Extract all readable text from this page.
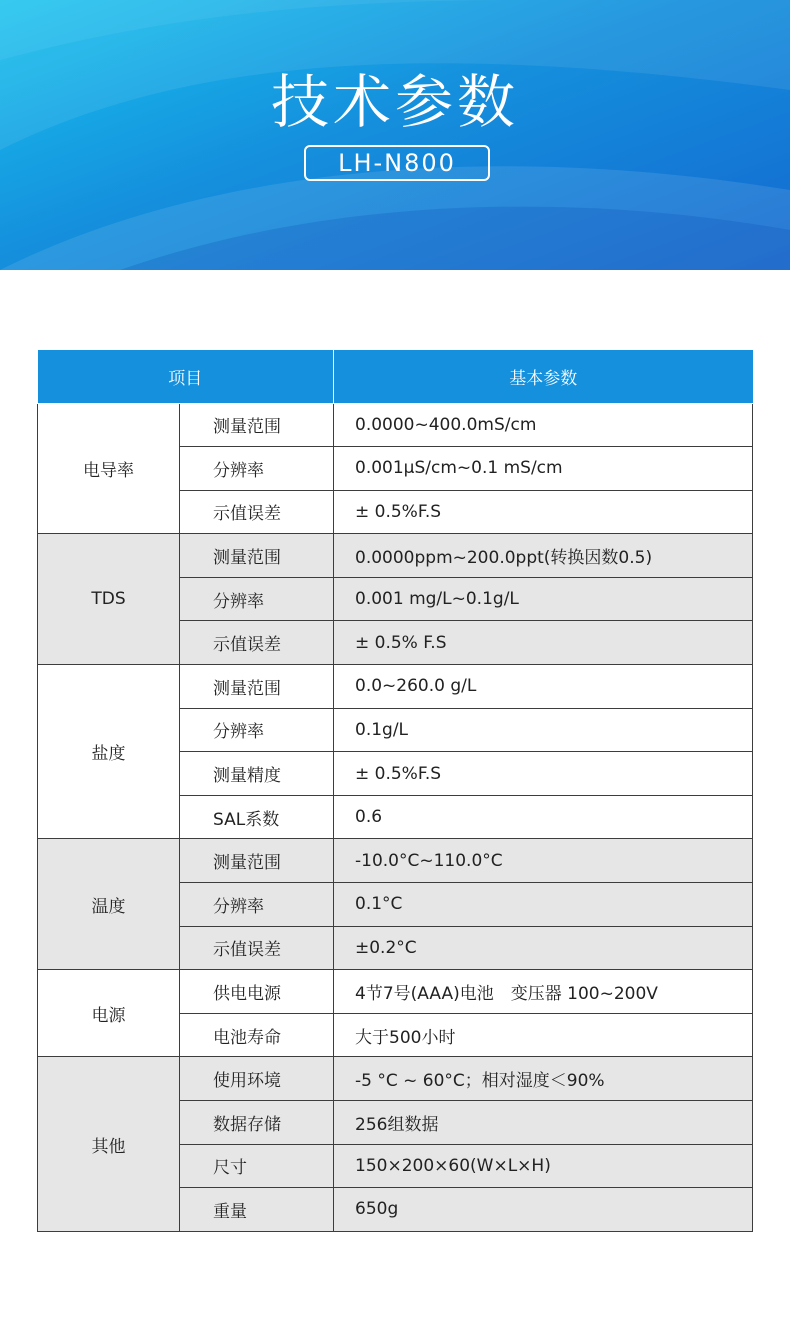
技术参数
LH-N800
项目		基本参数
电导率	测量范围	0.0000~400.0mS/cm
	分辨率	0.001μS/cm~0.1 mS/cm
	示值误差	± 0.5%F.S
TDS	测量范围	0.0000ppm~200.0ppt(转换因数0.5)
	分辨率	0.001 mg/L~0.1g/L
	示值误差	± 0.5% F.S
盐度	测量范围	0.0~260.0 g/L
	分辨率	0.1g/L
	测量精度	± 0.5%F.S
	SAL系数	0.6
温度	测量范围	-10.0°C~110.0°C
	分辨率	0.1°C
	示值误差	±0.2°C
电源	供电电源	4节7号(AAA)电池　变压器 100~200V
	电池寿命	大于500小时
其他	使用环境	-5 °C ~ 60°C；相对湿度＜90%
	数据存储	256组数据
	尺寸	150×200×60(W×L×H)
	重量	650g
